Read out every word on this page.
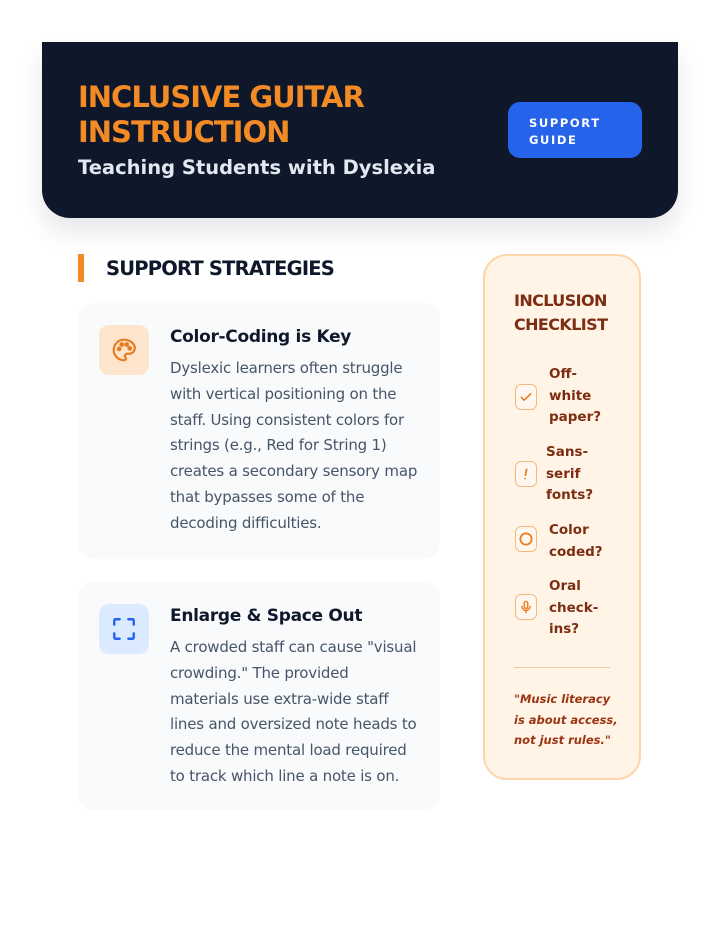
INCLUSIVE GUITAR
INSTRUCTION
Teaching Students with Dyslexia
SUPPORT
GUIDE
SUPPORT STRATEGIES
Color-Coding is Key
Dyslexic learners often struggle
with vertical positioning on the
staff. Using consistent colors for
strings (e.g., Red for String 1)
creates a secondary sensory map
that bypasses some of the
decoding difficulties.
Enlarge & Space Out
A crowded staff can cause "visual
crowding." The provided
materials use extra-wide staff
lines and oversized note heads to
reduce the mental load required
to track which line a note is on.
INCLUSION
CHECKLIST
Off-
white
paper?
Sans-
serif
fonts?
Color
coded?
Oral
check-
ins?
"Music literacy
is about access,
not just rules."
